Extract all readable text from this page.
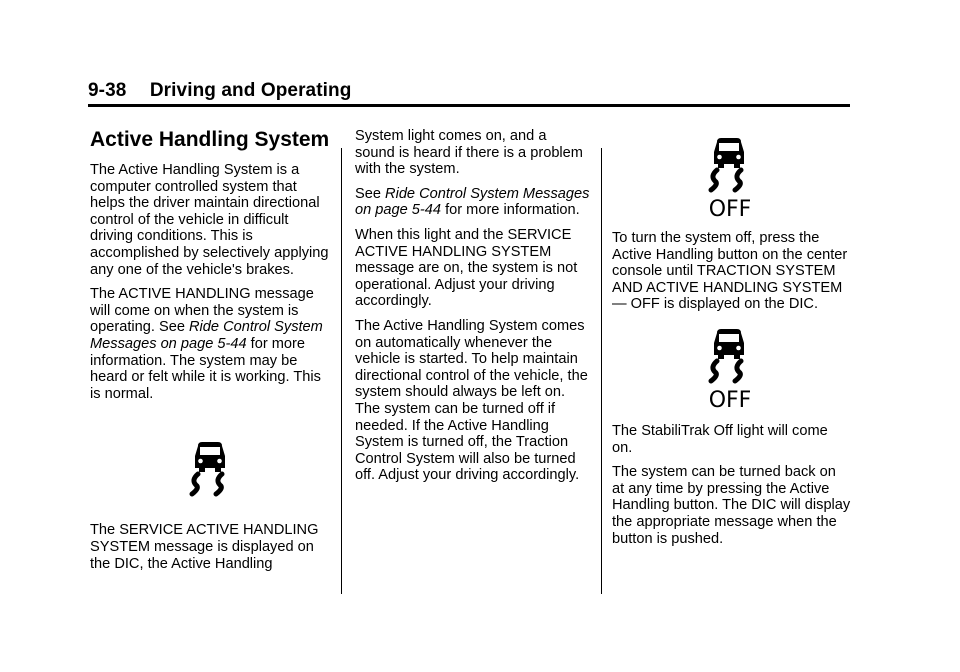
9-38 Driving and Operating
Active Handling System

The Active Handling System is a computer controlled system that helps the driver maintain directional control of the vehicle in difficult driving conditions. This is accomplished by selectively applying any one of the vehicle's brakes.

The ACTIVE HANDLING message will come on when the system is operating. See Ride Control System Messages on page 5-44 for more information. The system may be heard or felt while it is working. This is normal.

The SERVICE ACTIVE HANDLING SYSTEM message is displayed on the DIC, the Active Handling

System light comes on, and a sound is heard if there is a problem with the system.

See Ride Control System Messages on page 5-44 for more information.

When this light and the SERVICE ACTIVE HANDLING SYSTEM message are on, the system is not operational. Adjust your driving accordingly.

The Active Handling System comes on automatically whenever the vehicle is started. To help maintain directional control of the vehicle, the system should always be left on. The system can be turned off if needed. If the Active Handling System is turned off, the Traction Control System will also be turned off. Adjust your driving accordingly.

OFF

To turn the system off, press the Active Handling button on the center console until TRACTION SYSTEM AND ACTIVE HANDLING SYSTEM — OFF is displayed on the DIC.

OFF

The StabiliTrak Off light will come on.

The system can be turned back on at any time by pressing the Active Handling button. The DIC will display the appropriate message when the button is pushed.
